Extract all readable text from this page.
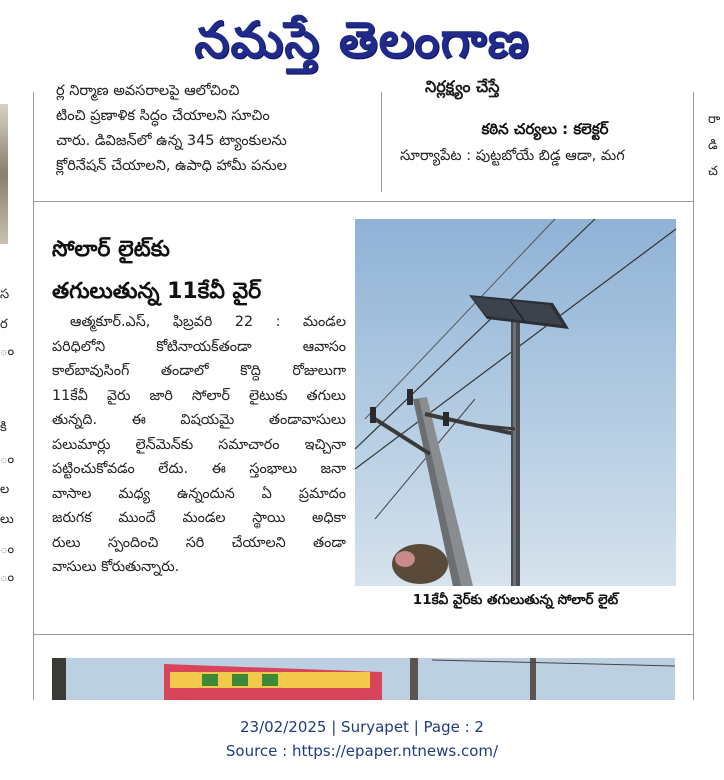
నమస్తే తెలంగాణ
స
ర
ం
కి
ం
ల
లు
ం
ం
ర్ల నిర్మాణ అవసరాలపై ఆలోచించి
టించి ప్రణాళిక సిద్ధం చేయాలని సూచిం
చారు. డివిజన్‌లో ఉన్న 345 ట్యాంకులను
క్లోరినేషన్ చేయాలని, ఉపాధి హామీ పనుల
నిర్లక్ష్యం చేస్తే
కఠిన చర్యలు : కలెక్టర్
సూర్యాపేట : పుట్టబోయే బిడ్డ ఆడా, మగ
రా
డి
చ
సోలార్ లైట్‌కు
తగులుతున్న 11కేవీ వైర్
ఆత్మకూర్.ఎస్, ఫిబ్రవరి 22 : మండల
పరిధిలోని కోటినాయక్‌తండా ఆవాసం
కాల్‌బావుసింగ్ తండాలో కొద్ది రోజులుగా
11కేవీ వైరు జారి సోలార్ లైటుకు తగులు
తున్నది. ఈ విషయమై తండావాసులు
పలుమార్లు లైన్‌మెన్‌కు సమాచారం ఇచ్చినా
పట్టించుకోవడం లేదు. ఈ స్తంభాలు జనా
వాసాల మధ్య ఉన్నందున ఏ ప్రమాదం
జరుగక ముందే మండల స్థాయి అధికా
రులు స్పందించి సరి చేయాలని తండా
వాసులు కోరుతున్నారు.
11కేవీ వైర్‌కు తగులుతున్న సోలార్ లైట్
23/02/2025 | Suryapet | Page : 2
Source : https://epaper.ntnews.com/
